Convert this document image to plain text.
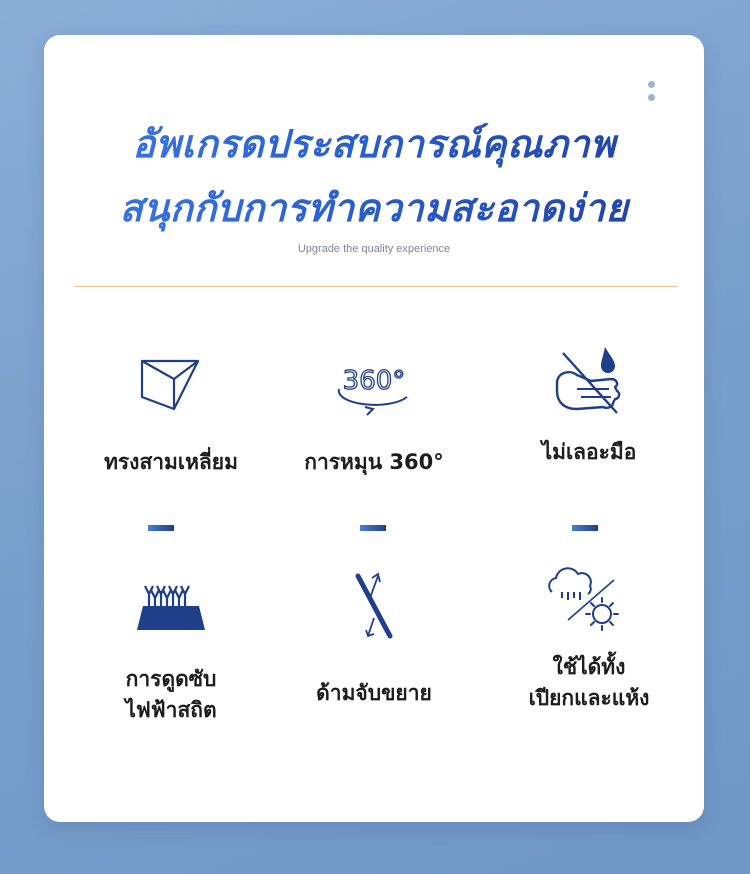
อัพเกรดประสบการณ์คุณภาพ
สนุกกับการทำความสะอาดง่าย
Upgrade the quality experience
ทรงสามเหลี่ยม
360°
การหมุน 360°	ไม่เลอะมือ
การดูดซับ
ไฟฟ้าสถิต
ด้ามจับขยาย
ใช้ได้ทั้ง
เปียกและแห้ง
